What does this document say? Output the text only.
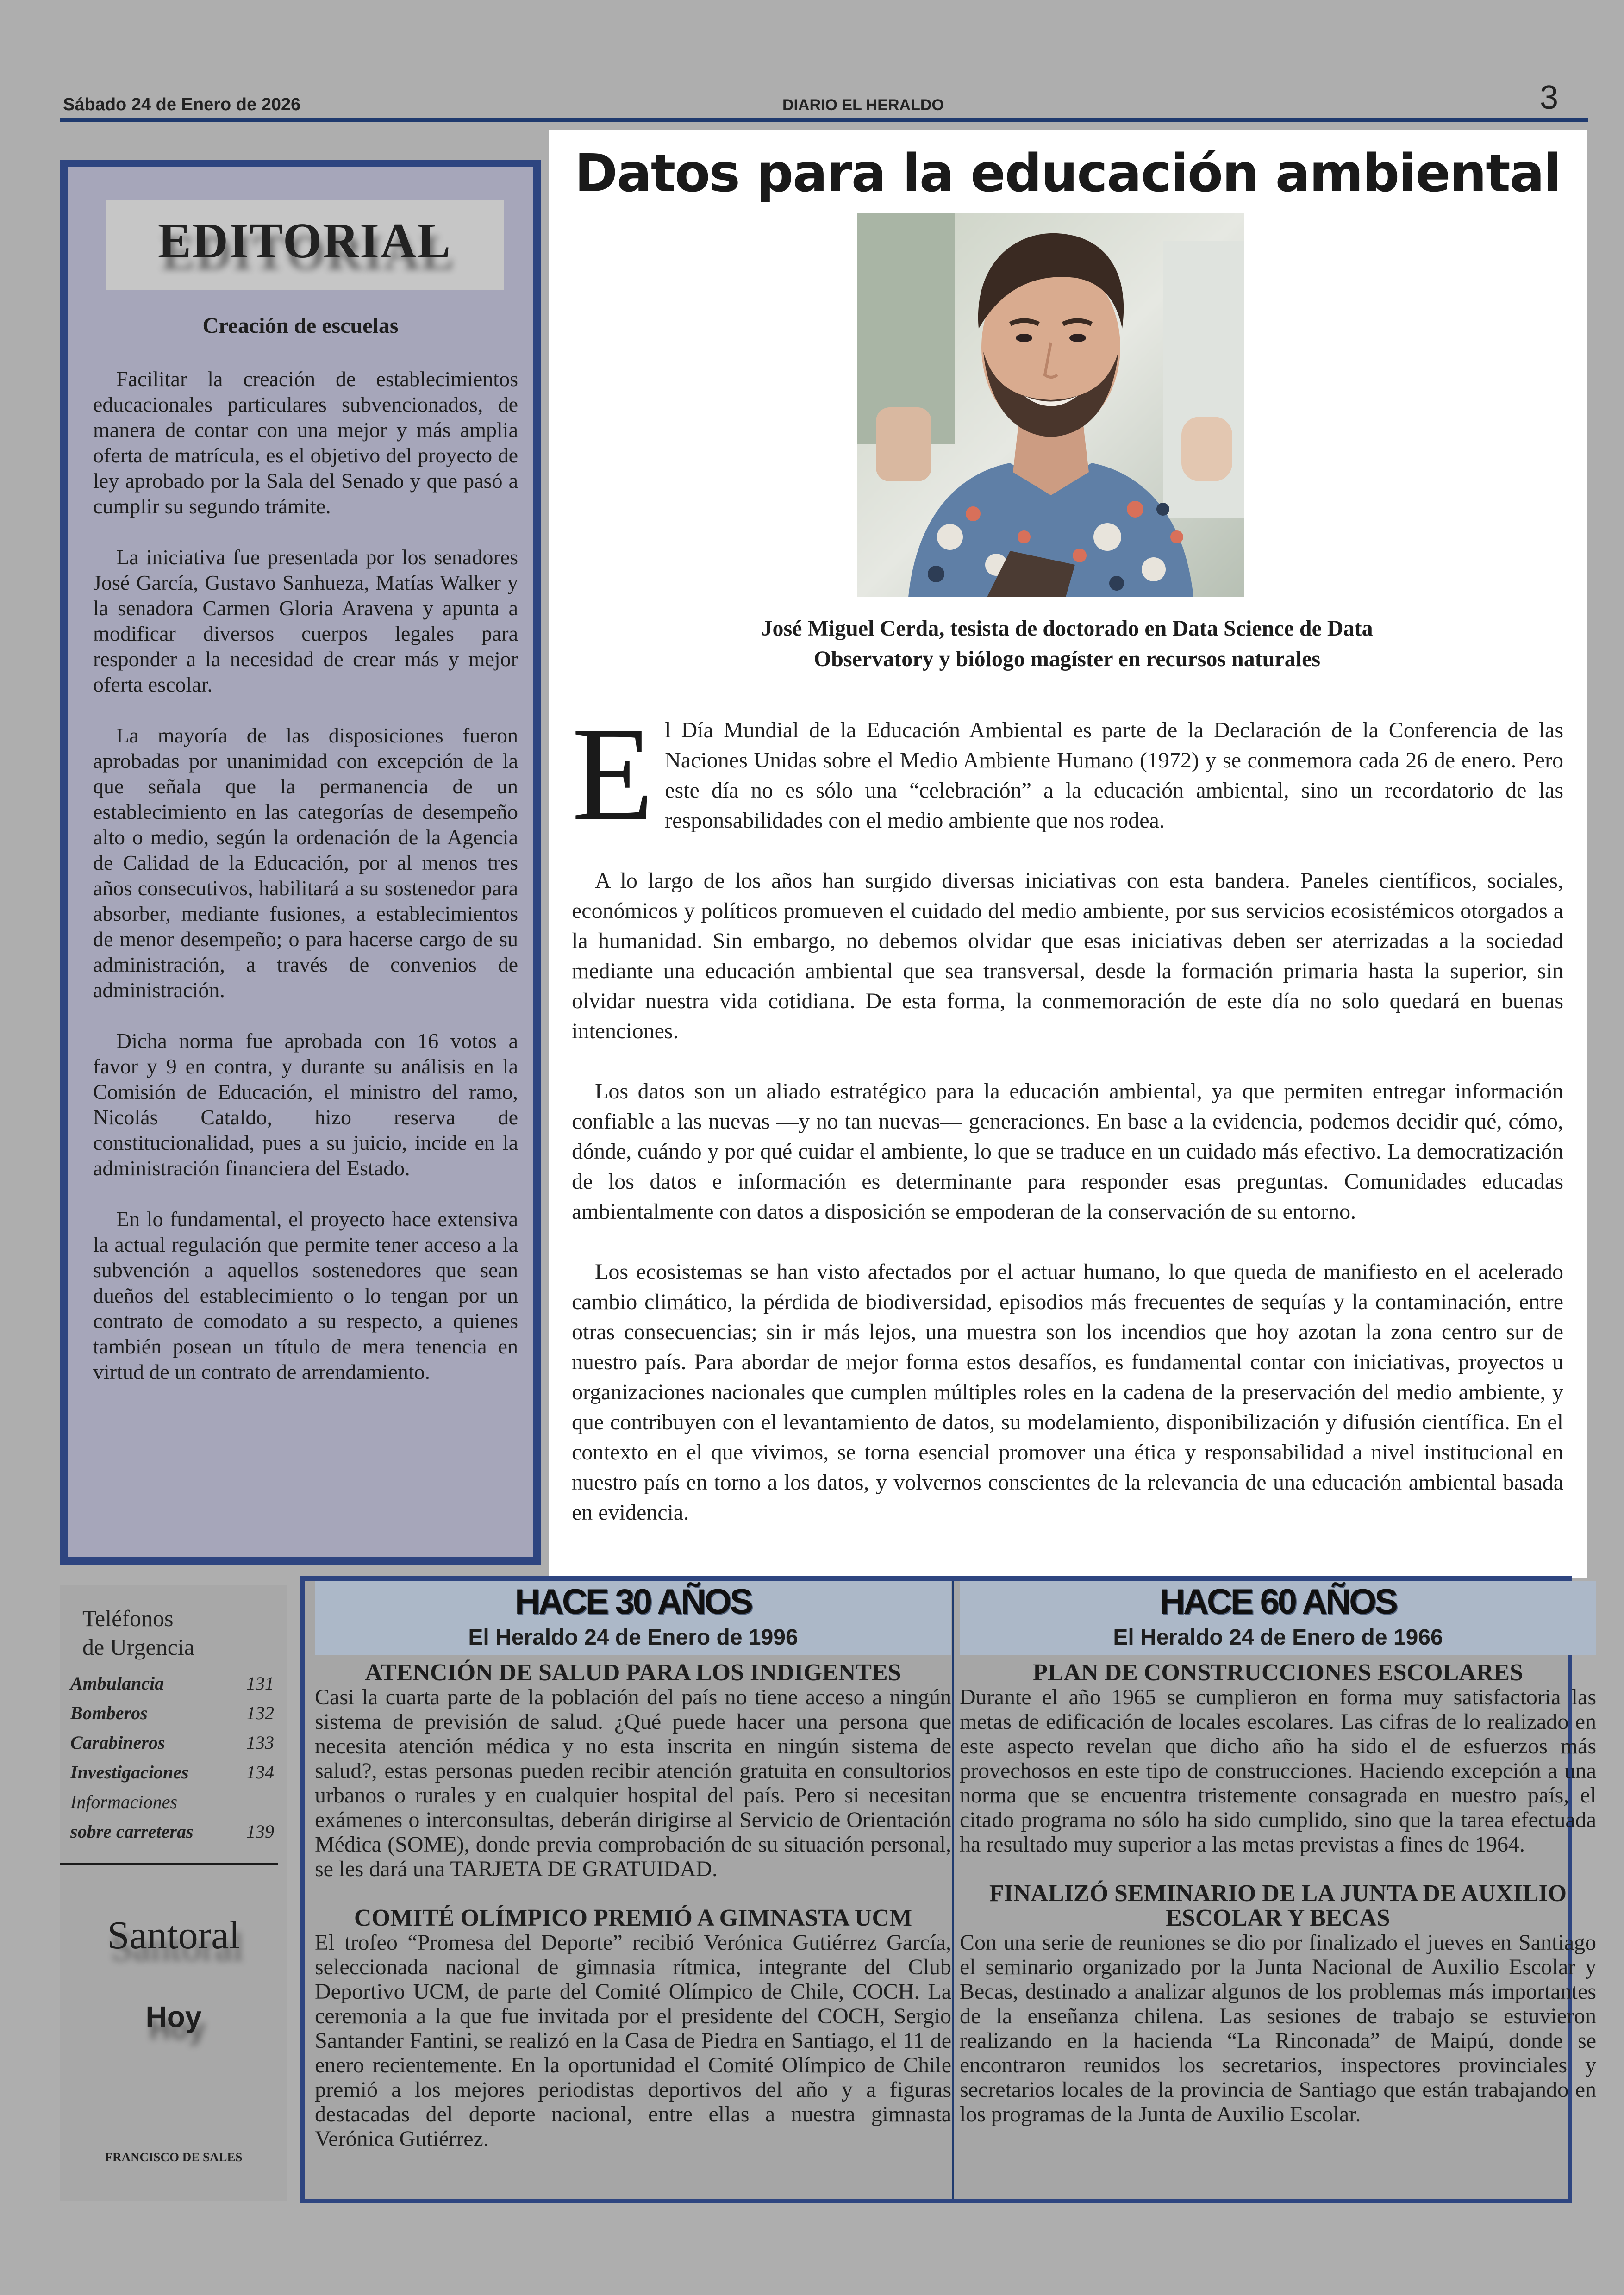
Sábado 24 de Enero de 2026	DIARIO EL HERALDO	3
EDITORIAL
Creación de escuelas

Facilitar la creación de establecimientos educacionales particulares subvencionados, de manera de contar con una mejor y más amplia oferta de matrícula, es el objetivo del proyecto de ley aprobado por la Sala del Senado y que pasó a cumplir su segundo trámite.

La iniciativa fue presentada por los senadores José García, Gustavo Sanhueza, Matías Walker y la senadora Carmen Gloria Aravena y apunta a modificar diversos cuerpos legales para responder a la necesidad de crear más y mejor oferta escolar.

La mayoría de las disposiciones fueron aprobadas por unanimidad con excepción de la que señala que la permanencia de un establecimiento en las categorías de desempeño alto o medio, según la ordenación de la Agencia de Calidad de la Educación, por al menos tres años consecutivos, habilitará a su sostenedor para absorber, mediante fusiones, a establecimientos de menor desempeño; o para hacerse cargo de su administración, a través de convenios de administración.

Dicha norma fue aprobada con 16 votos a favor y 9 en contra, y durante su análisis en la Comisión de Educación, el ministro del ramo, Nicolás Cataldo, hizo reserva de constitucionalidad, pues a su juicio, incide en la administración financiera del Estado.

En lo fundamental, el proyecto hace extensiva la actual regulación que permite tener acceso a la subvención a aquellos sostenedores que sean dueños del establecimiento o lo tengan por un contrato de comodato a su respecto, a quienes también posean un título de mera tenencia en virtud de un contrato de arrendamiento.

Datos para la educación ambiental
José Miguel Cerda, tesista de doctorado en Data Science de Data Observatory y biólogo magíster en recursos naturales

El Día Mundial de la Educación Ambiental es parte de la Declaración de la Conferencia de las Naciones Unidas sobre el Medio Ambiente Humano (1972) y se conmemora cada 26 de enero. Pero este día no es sólo una “celebración” a la educación ambiental, sino un recordatorio de las responsabilidades con el medio ambiente que nos rodea.

A lo largo de los años han surgido diversas iniciativas con esta bandera. Paneles científicos, sociales, económicos y políticos promueven el cuidado del medio ambiente, por sus servicios ecosistémicos otorgados a la humanidad. Sin embargo, no debemos olvidar que esas iniciativas deben ser aterrizadas a la sociedad mediante una educación ambiental que sea transversal, desde la formación primaria hasta la superior, sin olvidar nuestra vida cotidiana. De esta forma, la conmemoración de este día no solo quedará en buenas intenciones.

Los datos son un aliado estratégico para la educación ambiental, ya que permiten entregar información confiable a las nuevas —y no tan nuevas— generaciones. En base a la evidencia, podemos decidir qué, cómo, dónde, cuándo y por qué cuidar el ambiente, lo que se traduce en un cuidado más efectivo. La democratización de los datos e información es determinante para responder esas preguntas. Comunidades educadas ambientalmente con datos a disposición se empoderan de la conservación de su entorno.

Los ecosistemas se han visto afectados por el actuar humano, lo que queda de manifiesto en el acelerado cambio climático, la pérdida de biodiversidad, episodios más frecuentes de sequías y la contaminación, entre otras consecuencias; sin ir más lejos, una muestra son los incendios que hoy azotan la zona centro sur de nuestro país. Para abordar de mejor forma estos desafíos, es fundamental contar con iniciativas, proyectos u organizaciones nacionales que cumplen múltiples roles en la cadena de la preservación del medio ambiente, y que contribuyen con el levantamiento de datos, su modelamiento, disponibilización y difusión científica. En el contexto en el que vivimos, se torna esencial promover una ética y responsabilidad a nivel institucional en nuestro país en torno a los datos, y volvernos conscientes de la relevancia de una educación ambiental basada en evidencia.

Teléfonos
de Urgencia
Ambulancia	131
Bomberos	132
Carabineros	133
Investigaciones	134
Informaciones
sobre carreteras	139
Santoral
Hoy
FRANCISCO DE SALES
HACE 30 AÑOS
El Heraldo 24 de Enero de 1996
ATENCIÓN DE SALUD PARA LOS INDIGENTES

Casi la cuarta parte de la población del país no tiene acceso a ningún sistema de previsión de salud. ¿Qué puede hacer una persona que necesita atención médica y no esta inscrita en ningún sistema de salud?, estas personas pueden recibir atención gratuita en consultorios urbanos o rurales y en cualquier hospital del país. Pero si necesitan exámenes o interconsultas, deberán dirigirse al Servicio de Orientación Médica (SOME), donde previa comprobación de su situación personal, se les dará una TARJETA DE GRATUIDAD.

COMITÉ OLÍMPICO PREMIÓ A GIMNASTA UCM

El trofeo “Promesa del Deporte” recibió Verónica Gutiérrez García, seleccionada nacional de gimnasia rítmica, integrante del Club Deportivo UCM, de parte del Comité Olímpico de Chile, COCH. La ceremonia a la que fue invitada por el presidente del COCH, Sergio Santander Fantini, se realizó en la Casa de Piedra en Santiago, el 11 de enero recientemente. En la oportunidad el Comité Olímpico de Chile premió a los mejores periodistas deportivos del año y a figuras destacadas del deporte nacional, entre ellas a nuestra gimnasta Verónica Gutiérrez.

HACE 60 AÑOS
El Heraldo 24 de Enero de 1966
PLAN DE CONSTRUCCIONES ESCOLARES

Durante el año 1965 se cumplieron en forma muy satisfactoria las metas de edificación de locales escolares. Las cifras de lo realizado en este aspecto revelan que dicho año ha sido el de esfuerzos más provechosos en este tipo de construcciones. Haciendo excepción a una norma que se encuentra tristemente consagrada en nuestro país, el citado programa no sólo ha sido cumplido, sino que la tarea efectuada ha resultado muy superior a las metas previstas a fines de 1964.

FINALIZÓ SEMINARIO DE LA JUNTA DE AUXILIO ESCOLAR Y BECAS

Con una serie de reuniones se dio por finalizado el jueves en Santiago el seminario organizado por la Junta Nacional de Auxilio Escolar y Becas, destinado a analizar algunos de los problemas más importantes de la enseñanza chilena. Las sesiones de trabajo se estuvieron realizando en la hacienda “La Rinconada” de Maipú, donde se encontraron reunidos los secretarios, inspectores provinciales y secretarios locales de la provincia de Santiago que están trabajando en los programas de la Junta de Auxilio Escolar.
